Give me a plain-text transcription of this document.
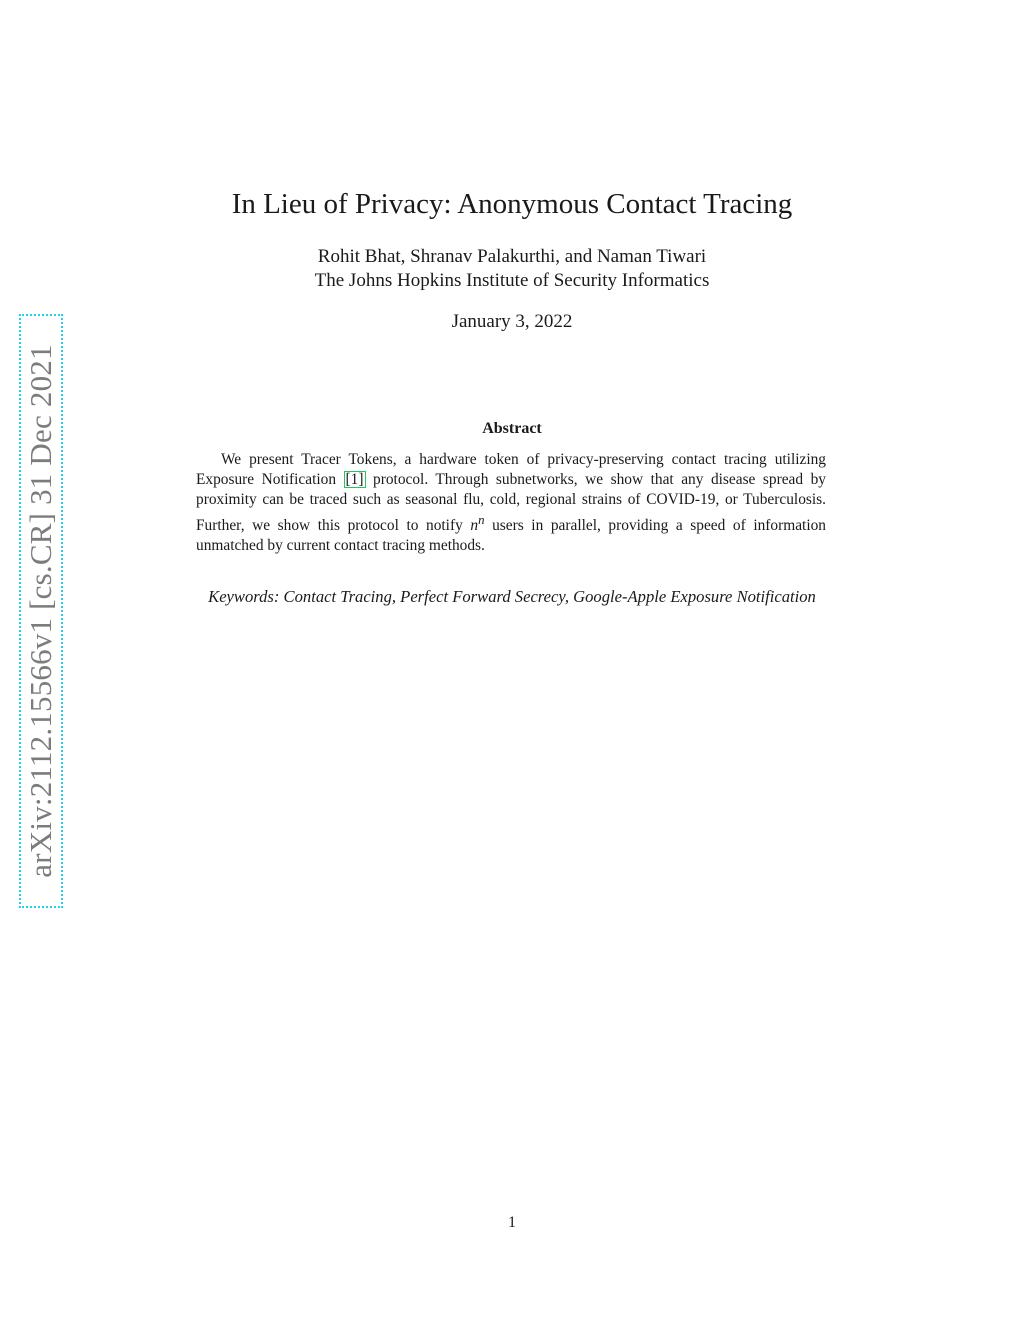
arXiv:2112.15566v1 [cs.CR] 31 Dec 2021
In Lieu of Privacy: Anonymous Contact Tracing
Rohit Bhat, Shranav Palakurthi, and Naman Tiwari
The Johns Hopkins Institute of Security Informatics
January 3, 2022
Abstract

We present Tracer Tokens, a hardware token of privacy-preserving contact tracing utilizing Exposure Notification [1] protocol. Through subnetworks, we show that any disease spread by proximity can be traced such as seasonal flu, cold, regional strains of COVID-19, or Tuberculosis. Further, we show this protocol to notify $n^n$ users in parallel, providing a speed of information unmatched by current contact tracing methods.

Keywords: Contact Tracing, Perfect Forward Secrecy, Google-Apple Exposure Notification
1
